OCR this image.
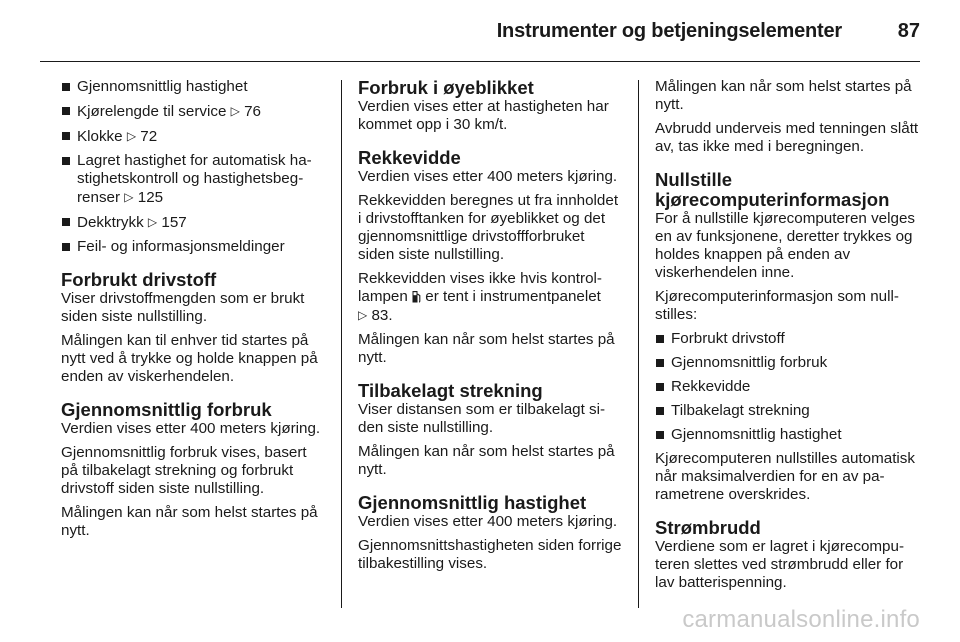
Instrumenter og betjeningselementer	87
Gjennomsnittlig hastighet
Kjørelengde til service ▷ 76
Klokke ▷ 72
Lagret hastighet for automatisk hastighetskontroll og hastighetsbegrenser ▷ 125
Dekktrykk ▷ 157
Feil- og informasjonsmeldinger
Forbrukt drivstoff

Viser drivstoffmengden som er brukt siden siste nullstilling.

Målingen kan til enhver tid startes på nytt ved å trykke og holde knappen på enden av viskerhendelen.

Gjennomsnittlig forbruk

Verdien vises etter 400 meters kjøring.

Gjennomsnittlig forbruk vises, basert på tilbakelagt strekning og forbrukt drivstoff siden siste nullstilling.

Målingen kan når som helst startes på nytt.

Forbruk i øyeblikket

Verdien vises etter at hastigheten har kommet opp i 30 km/t.

Rekkevidde

Verdien vises etter 400 meters kjøring.

Rekkevidden beregnes ut fra innholdet i drivstofftanken for øyeblikket og det gjennomsnittlige drivstoffforbruket siden siste nullstilling.

Rekkevidden vises ikke hvis kontrollampen er tent i instrumentpanelet
▷ 83.

Målingen kan når som helst startes på nytt.

Tilbakelagt strekning

Viser distansen som er tilbakelagt siden siste nullstilling.

Målingen kan når som helst startes på nytt.

Gjennomsnittlig hastighet

Verdien vises etter 400 meters kjøring.

Gjennomsnittshastigheten siden forrige tilbakestilling vises.

Målingen kan når som helst startes på nytt.

Avbrudd underveis med tenningen slått av, tas ikke med i beregningen.

Nullstille kjørecomputerinformasjon

For å nullstille kjørecomputeren velges en av funksjonene, deretter trykkes og holdes knappen på enden av viskerhendelen inne.

Kjørecomputerinformasjon som nullstilles:

Forbrukt drivstoff
Gjennomsnittlig forbruk
Rekkevidde
Tilbakelagt strekning
Gjennomsnittlig hastighet

Kjørecomputeren nullstilles automatisk når maksimalverdien for en av parametrene overskrides.

Strømbrudd

Verdiene som er lagret i kjørecomputeren slettes ved strømbrudd eller for lav batterispenning.

carmanualsonline.info
